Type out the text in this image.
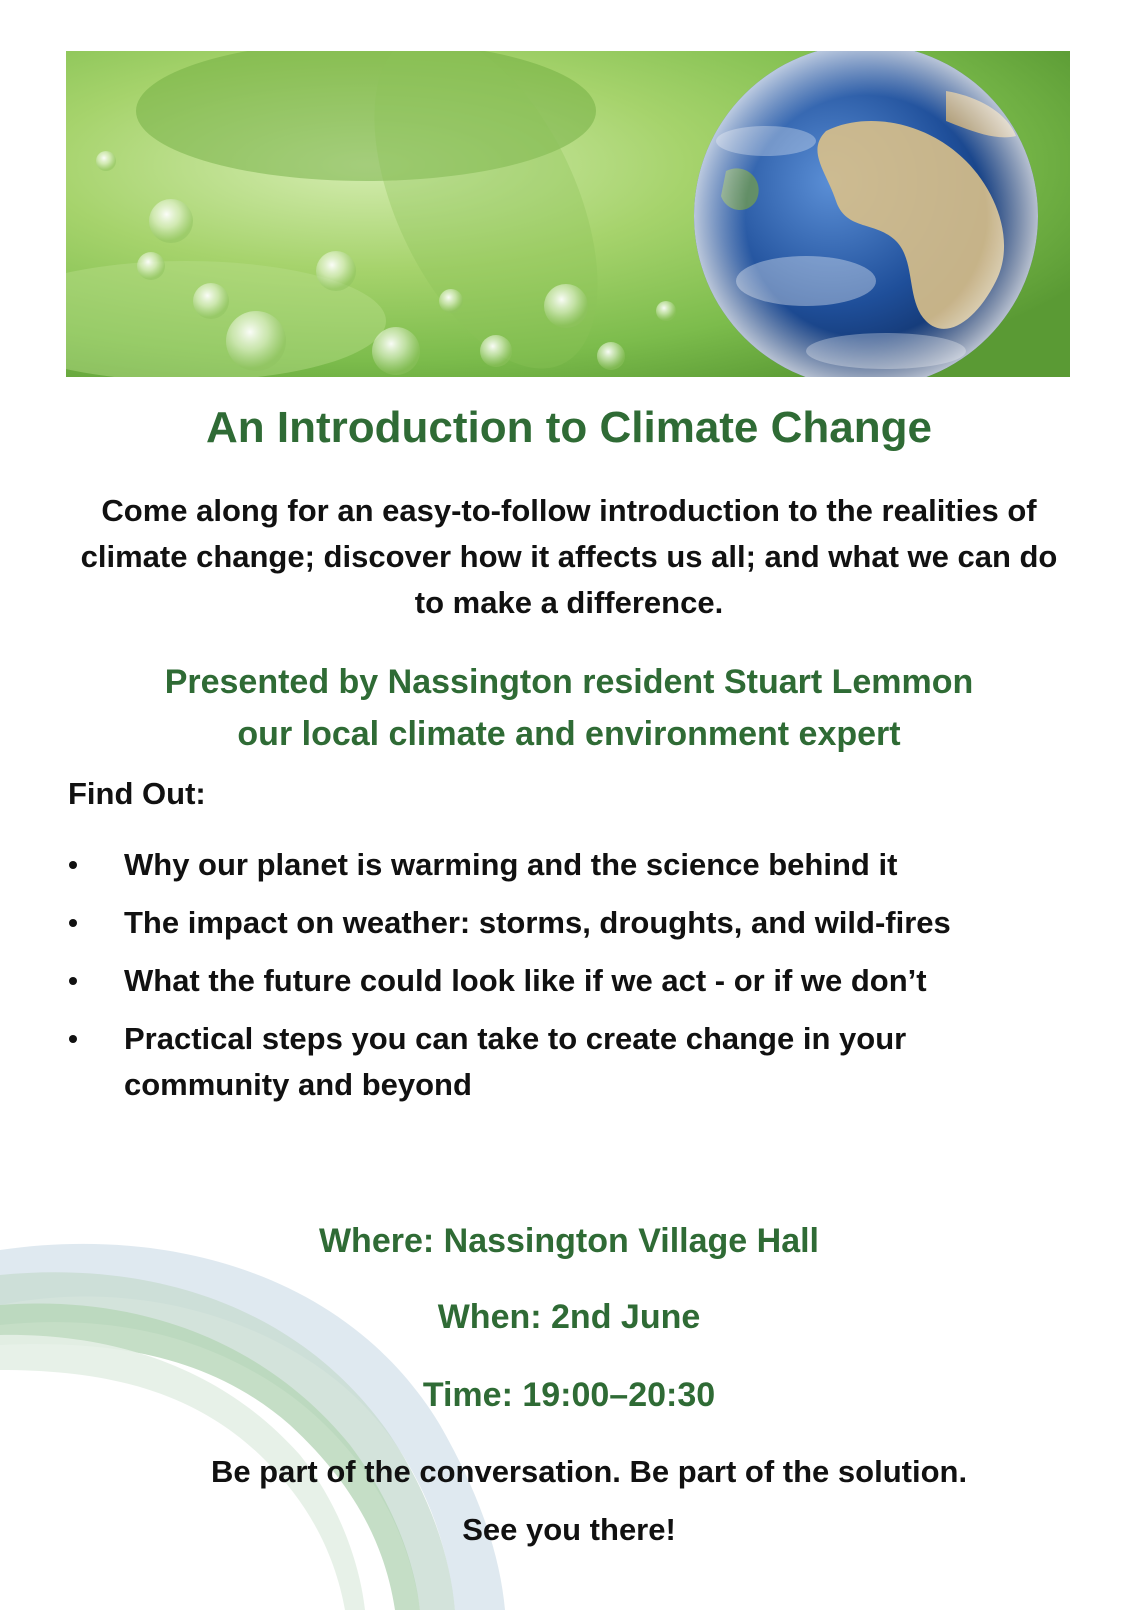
An Introduction to Climate Change
Come along for an easy-to-follow introduction to the realities of climate change; discover how it affects us all; and what we can do to make a difference.
Presented by Nassington resident Stuart Lemmon
our local climate and environment expert
Find Out:
Why our planet is warming and the science behind it
The impact on weather: storms, droughts, and wild-fires
What the future could look like if we act - or if we don’t
Practical steps you can take to create change in your community and beyond
Where: Nassington Village Hall
When: 2nd June
Time: 19:00–20:30
Be part of the conversation. Be part of the solution.
See you there!
